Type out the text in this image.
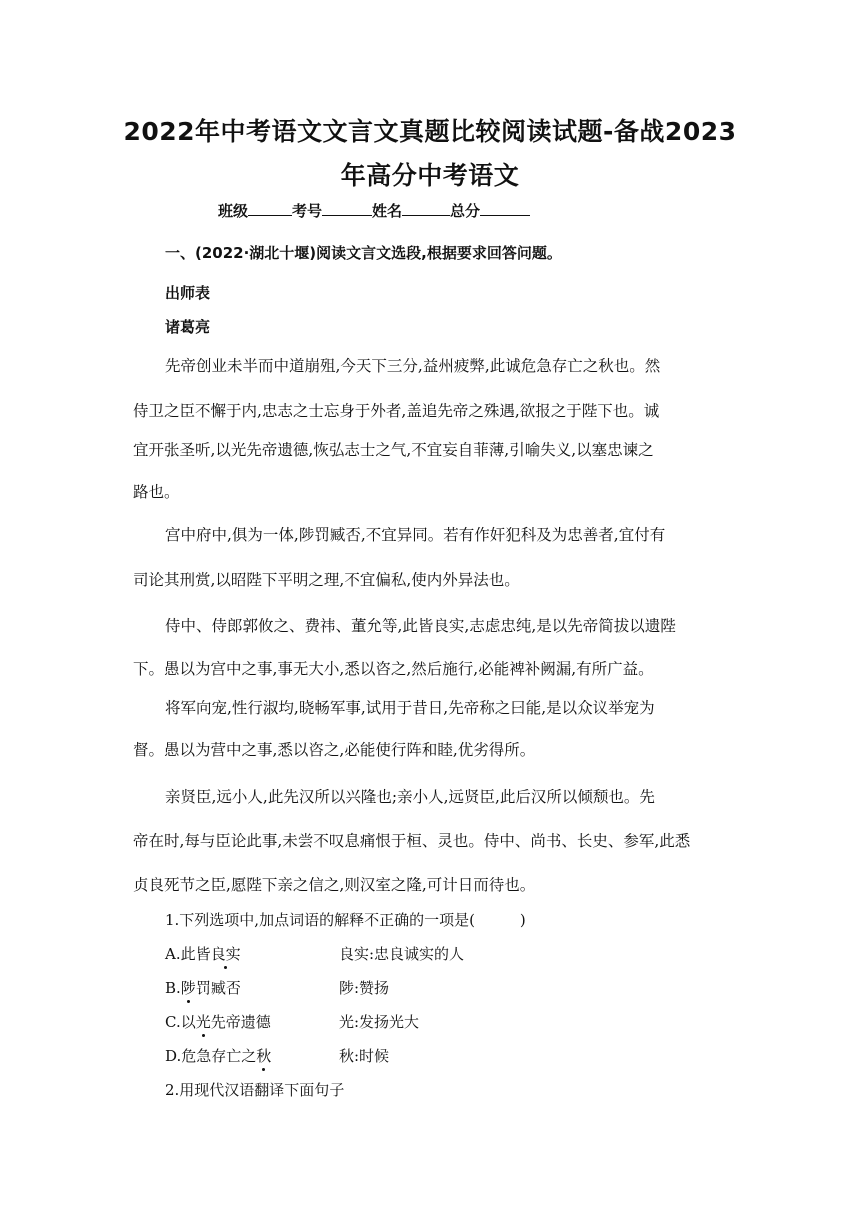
2022年中考语文文言文真题比较阅读试题-备战2023
年高分中考语文
班级	考号	姓名	总分
一、(2022·湖北十堰)阅读文言文选段,根据要求回答问题。
出师表
诸葛亮
先帝创业未半而中道崩殂,今天下三分,益州疲弊,此诚危急存亡之秋也。然
侍卫之臣不懈于内,忠志之士忘身于外者,盖追先帝之殊遇,欲报之于陛下也。诚
宜开张圣听,以光先帝遗德,恢弘志士之气,不宜妄自菲薄,引喻失义,以塞忠谏之
路也。
宫中府中,俱为一体,陟罚臧否,不宜异同。若有作奸犯科及为忠善者,宜付有
司论其刑赏,以昭陛下平明之理,不宜偏私,使内外异法也。
侍中、侍郎郭攸之、费祎、董允等,此皆良实,志虑忠纯,是以先帝简拔以遗陛
下。愚以为宫中之事,事无大小,悉以咨之,然后施行,必能裨补阙漏,有所广益。
将军向宠,性行淑均,晓畅军事,试用于昔日,先帝称之曰能,是以众议举宠为
督。愚以为营中之事,悉以咨之,必能使行阵和睦,优劣得所。
亲贤臣,远小人,此先汉所以兴隆也;亲小人,远贤臣,此后汉所以倾颓也。先
帝在时,每与臣论此事,未尝不叹息痛恨于桓、灵也。侍中、尚书、长史、参军,此悉
贞良死节之臣,愿陛下亲之信之,则汉室之隆,可计日而待也。
1.下列选项中,加点词语的解释不正确的一项是(　　　)
A.此皆良实	良实:忠良诚实的人
B.陟罚臧否	陟:赞扬
C.以光先帝遗德	光:发扬光大
D.危急存亡之秋	秋:时候
2.用现代汉语翻译下面句子
